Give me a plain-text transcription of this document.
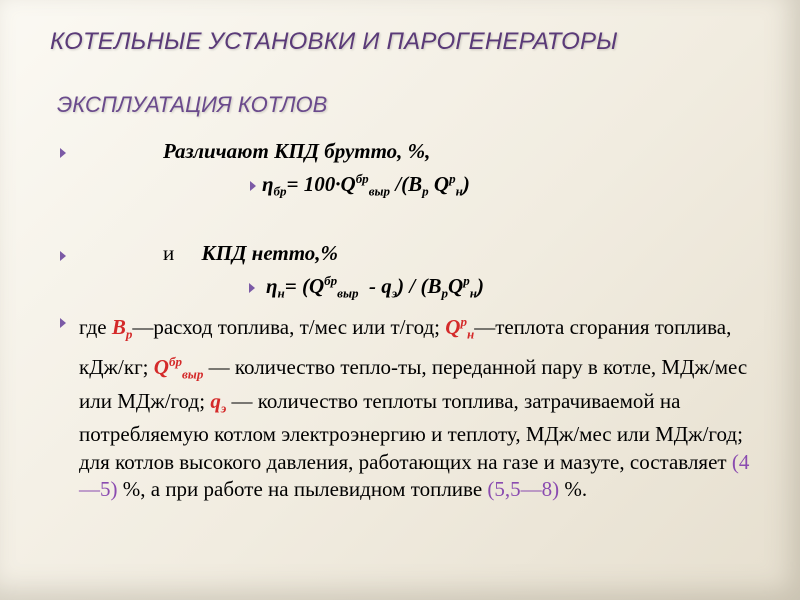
КОТЕЛЬНЫЕ УСТАНОВКИ И ПАРОГЕНЕРАТОРЫ
ЭКСПЛУАТАЦИЯ КОТЛОВ
Различают КПД брутто, %,
$\eta_{бр}= 100\cdot Q^{бр}_{выр}$ $/(B_р$ $Q^р_н$)
и КПД нетто,%
$\eta_н= (Q^{бр}_{выр} - q_э) / (B_рQ^р_н)$
где $B_р—расход$ топлива, т/мес или т/год; $Q^р_н—теплота$ сгорания топлива, кДж/кг; $Q^{бр}_{выр}$ — количество тепло-ты, переданной пару в котле, МДж/мес или МДж/год; $q_э$ — количество теплоты топлива, затрачиваемой на потребляемую котлом электроэнергию и теплоту, МДж/мес или МДж/год; для котлов высокого давления, работающих на газе и мазуте, составляет (4—5) %, а при работе на пылевидном топливе (5,5—8) %.
